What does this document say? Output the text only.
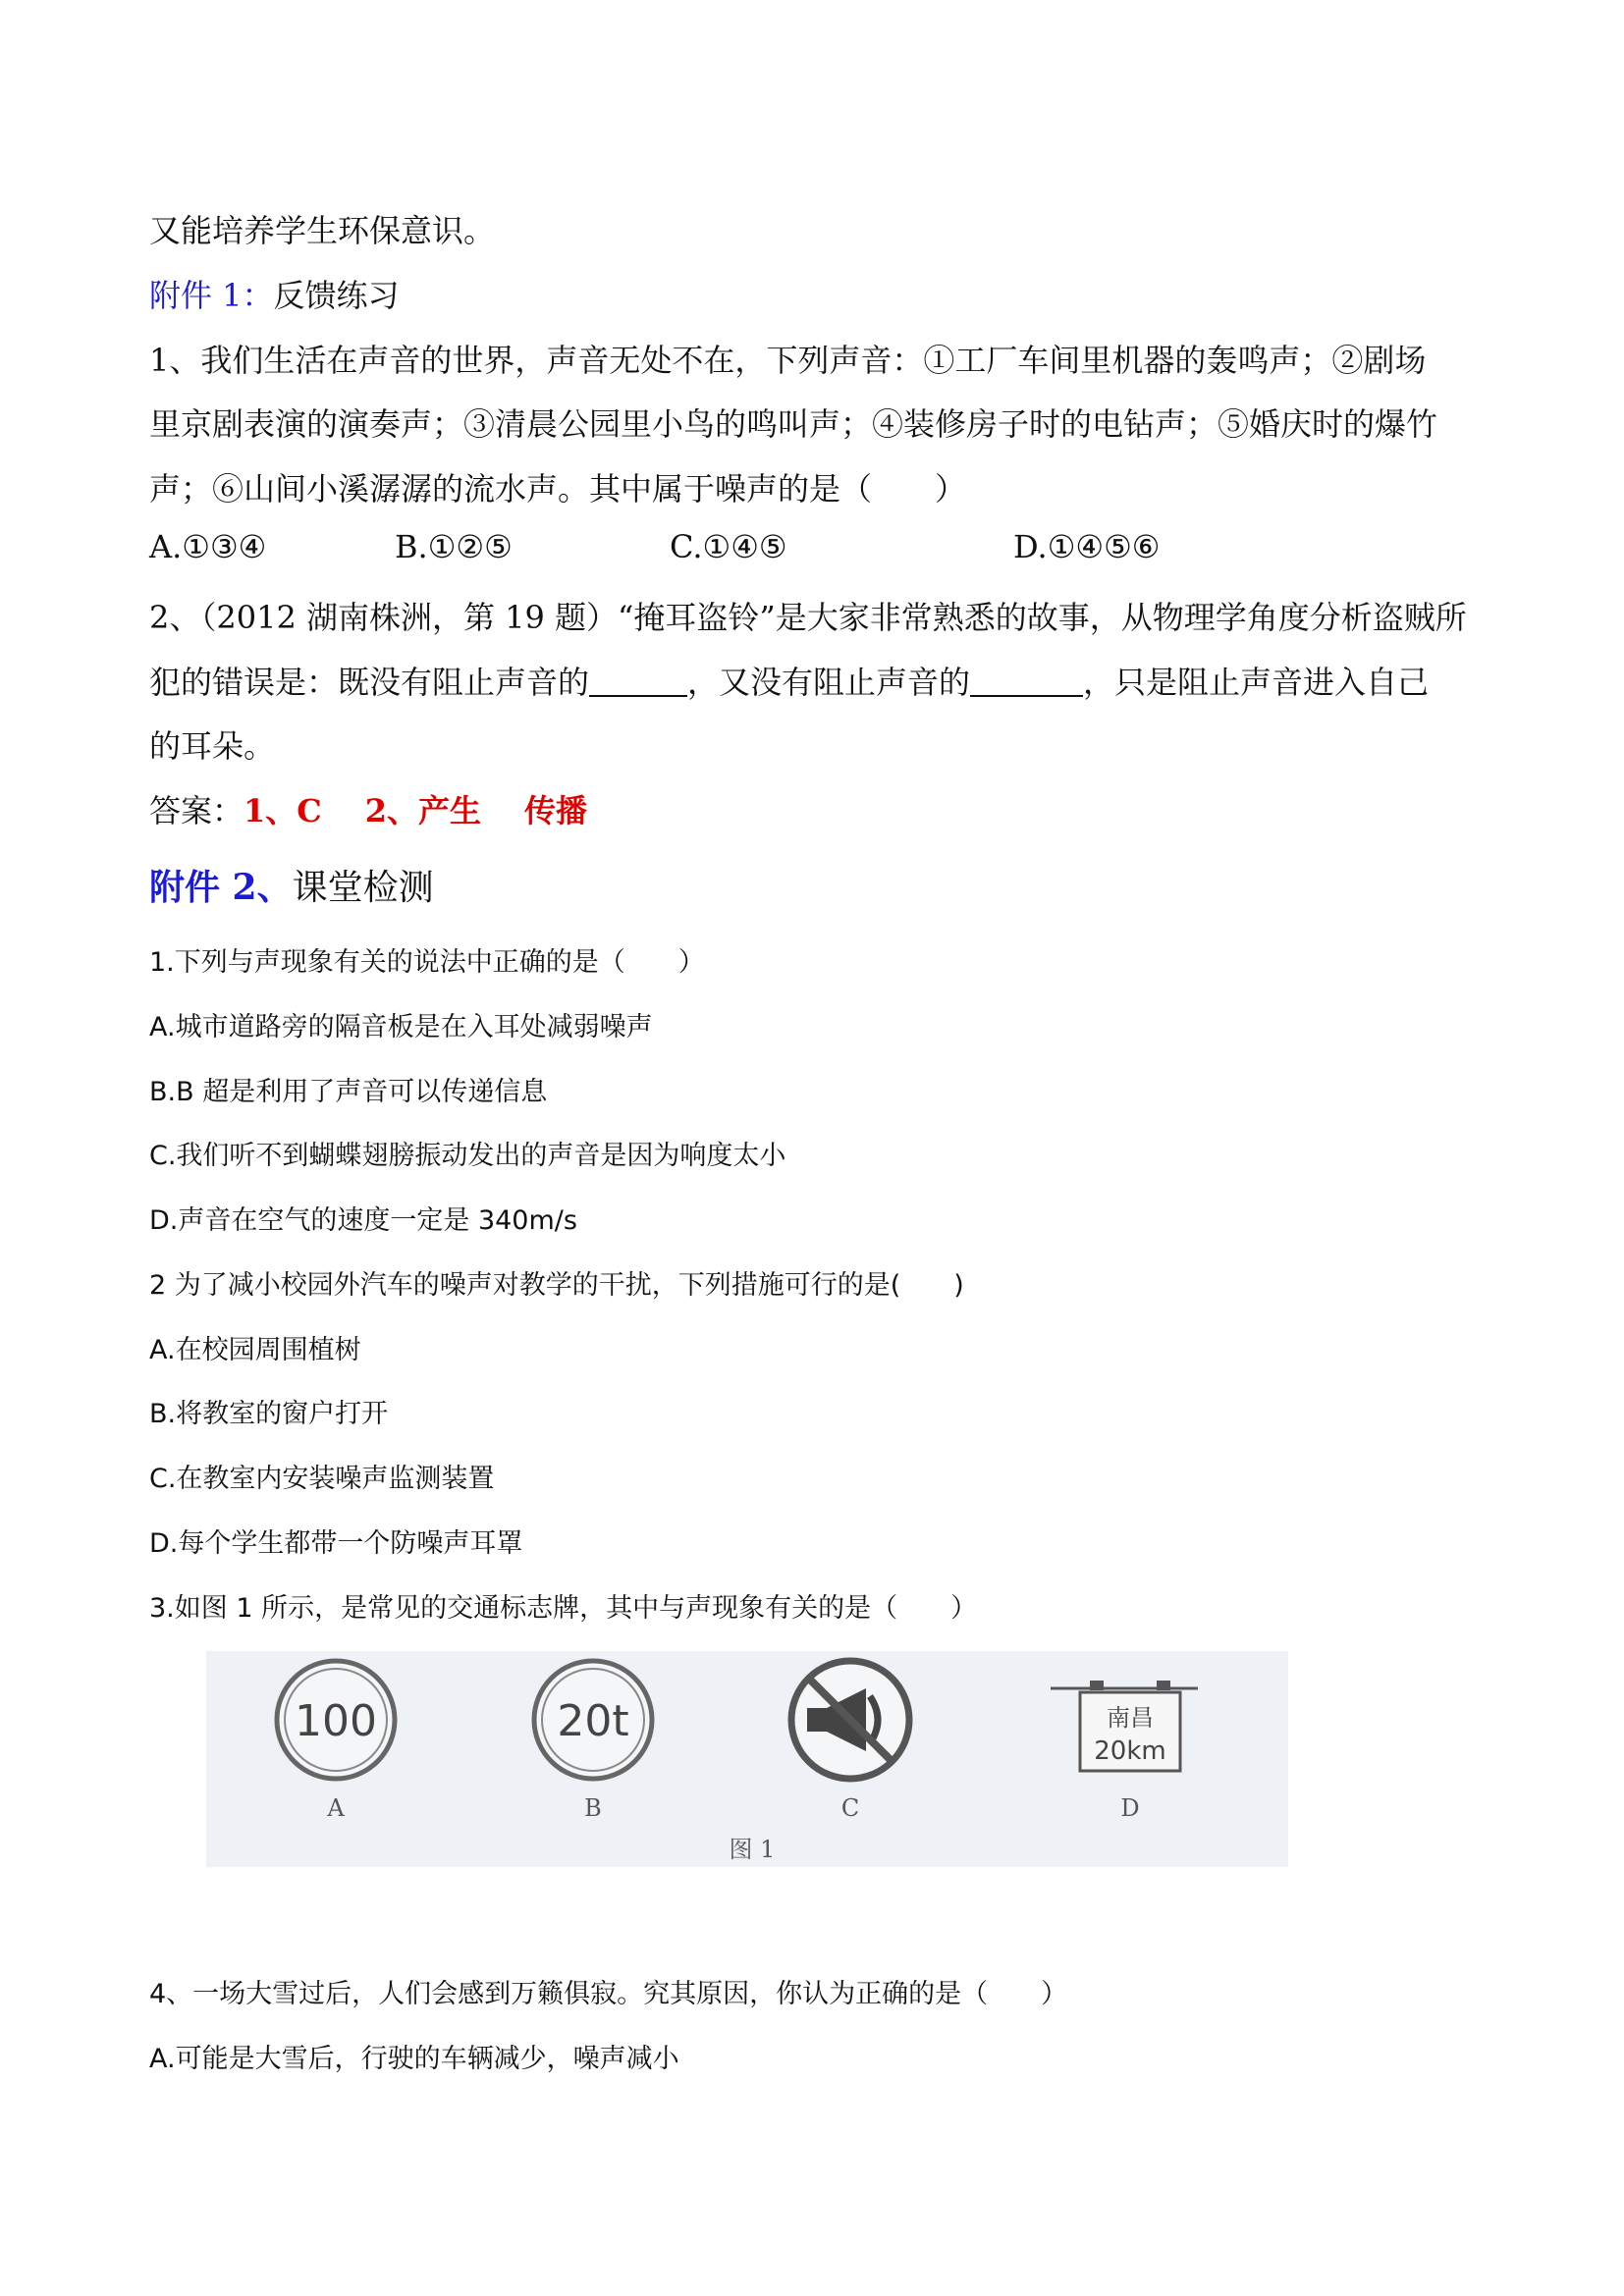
又能培养学生环保意识。
附件 1：反馈练习
1、我们生活在声音的世界，声音无处不在，下列声音：①工厂车间里机器的轰鸣声；②剧场
里京剧表演的演奏声；③清晨公园里小鸟的鸣叫声；④装修房子时的电钻声；⑤婚庆时的爆竹
声；⑥山间小溪潺潺的流水声。其中属于噪声的是（　　）
A.①③④	B.①②⑤	C.①④⑤	D.①④⑤⑥
2、（2012 湖南株洲，第 19 题）“掩耳盗铃”是大家非常熟悉的故事，从物理学角度分析盗贼所
犯的错误是：既没有阻止声音的	，又没有阻止声音的	，只是阻止声音进入自己
的耳朵。
答案：1、C 2、产生 传播
附件 2、课堂检测
1.下列与声现象有关的说法中正确的是（　　）
A.城市道路旁的隔音板是在入耳处减弱噪声
B.B 超是利用了声音可以传递信息
C.我们听不到蝴蝶翅膀振动发出的声音是因为响度太小
D.声音在空气的速度一定是 340m/s
2 为了减小校园外汽车的噪声对教学的干扰，下列措施可行的是(　　)
A.在校园周围植树
B.将教室的窗户打开
C.在教室内安装噪声监测装置
D.每个学生都带一个防噪声耳罩
3.如图 1 所示，是常见的交通标志牌，其中与声现象有关的是（　　）
100	20t	南昌
20km
A	B	C	D
图 1
4、一场大雪过后，人们会感到万籁俱寂。究其原因，你认为正确的是（　　）
A.可能是大雪后，行驶的车辆减少，噪声减小
